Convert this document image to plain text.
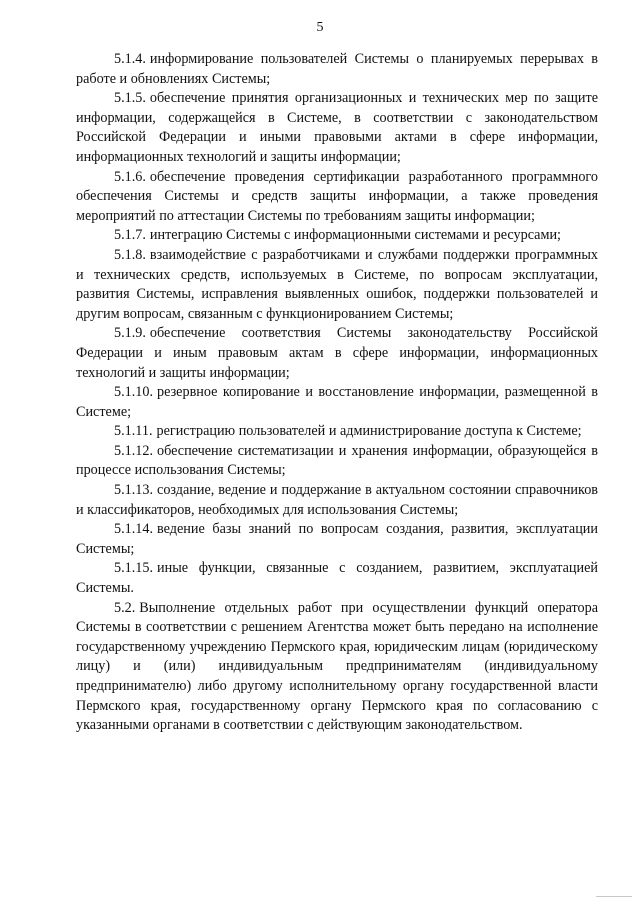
5

5.1.4. информирование пользователей Системы о планируемых перерывах в работе и обновлениях Системы;

5.1.5. обеспечение принятия организационных и технических мер по защите информации, содержащейся в Системе, в соответствии с законодательством Российской Федерации и иными правовыми актами в сфере информации, информационных технологий и защиты информации;

5.1.6. обеспечение проведения сертификации разработанного программного обеспечения Системы и средств защиты информации, а также проведения мероприятий по аттестации Системы по требованиям защиты информации;

5.1.7. интеграцию Системы с информационными системами и ресурсами;

5.1.8. взаимодействие с разработчиками и службами поддержки программных и технических средств, используемых в Системе, по вопросам эксплуатации, развития Системы, исправления выявленных ошибок, поддержки пользователей и другим вопросам, связанным с функционированием Системы;

5.1.9. обеспечение соответствия Системы законодательству Российской Федерации и иным правовым актам в сфере информации, информационных технологий и защиты информации;

5.1.10. резервное копирование и восстановление информации, размещенной в Системе;

5.1.11. регистрацию пользователей и администрирование доступа к Системе;

5.1.12. обеспечение систематизации и хранения информации, образующейся в процессе использования Системы;

5.1.13. создание, ведение и поддержание в актуальном состоянии справочников и классификаторов, необходимых для использования Системы;

5.1.14. ведение базы знаний по вопросам создания, развития, эксплуатации Системы;

5.1.15. иные функции, связанные с созданием, развитием, эксплуатацией Системы.

5.2. Выполнение отдельных работ при осуществлении функций оператора Системы в соответствии с решением Агентства может быть передано на исполнение государственному учреждению Пермского края, юридическим лицам (юридическому лицу) и (или) индивидуальным предпринимателям (индивидуальному предпринимателю) либо другому исполнительному органу государственной власти Пермского края, государственному органу Пермского края по согласованию с указанными органами в соответствии с действующим законодательством.
